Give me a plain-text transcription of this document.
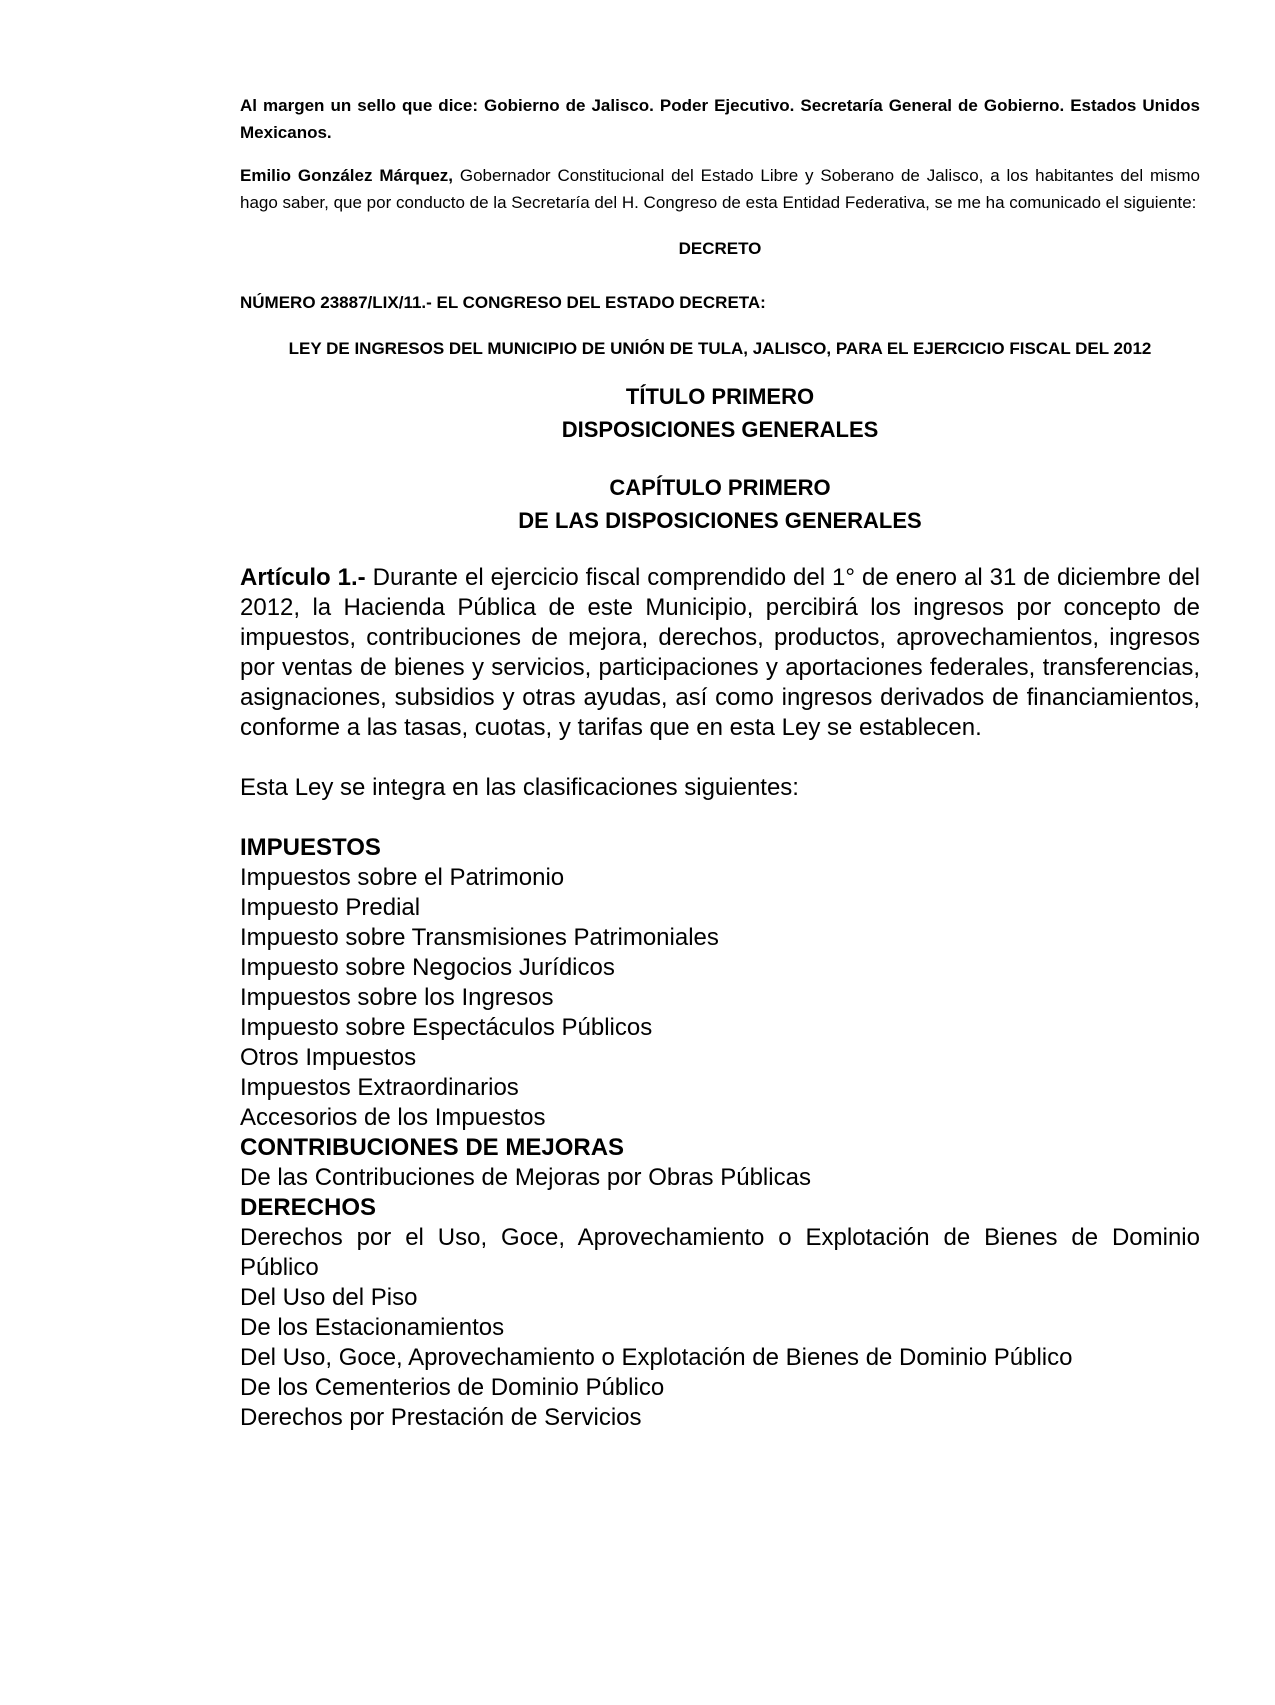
Al margen un sello que dice: Gobierno de Jalisco. Poder Ejecutivo. Secretaría General de Gobierno. Estados Unidos Mexicanos.

Emilio González Márquez, Gobernador Constitucional del Estado Libre y Soberano de Jalisco, a los habitantes del mismo hago saber, que por conducto de la Secretaría del H. Congreso de esta Entidad Federativa, se me ha comunicado el siguiente:

DECRETO
NÚMERO 23887/LIX/11.- EL CONGRESO DEL ESTADO DECRETA:
LEY DE INGRESOS DEL MUNICIPIO DE UNIÓN DE TULA, JALISCO, PARA EL EJERCICIO FISCAL DEL 2012
TÍTULO PRIMERO
DISPOSICIONES GENERALES
CAPÍTULO PRIMERO
DE LAS DISPOSICIONES GENERALES

Artículo 1.- Durante el ejercicio fiscal comprendido del 1° de enero al 31 de diciembre del 2012, la Hacienda Pública de este Municipio, percibirá los ingresos por concepto de impuestos, contribuciones de mejora, derechos, productos, aprovechamientos, ingresos por ventas de bienes y servicios, participaciones y aportaciones federales, transferencias, asignaciones, subsidios y otras ayudas, así como ingresos derivados de financiamientos, conforme a las tasas, cuotas, y tarifas que en esta Ley se establecen.

Esta Ley se integra en las clasificaciones siguientes:
IMPUESTOS
Impuestos sobre el Patrimonio
Impuesto Predial
Impuesto sobre Transmisiones Patrimoniales
Impuesto sobre Negocios Jurídicos
Impuestos sobre los Ingresos
Impuesto sobre Espectáculos Públicos
Otros Impuestos
Impuestos Extraordinarios
Accesorios de los Impuestos
CONTRIBUCIONES DE MEJORAS
De las Contribuciones de Mejoras por Obras Públicas
DERECHOS
Derechos por el Uso, Goce, Aprovechamiento o Explotación de Bienes de Dominio Público
Del Uso del Piso
De los Estacionamientos
Del Uso, Goce, Aprovechamiento o Explotación de Bienes de Dominio Público
De los Cementerios de Dominio Público
Derechos por Prestación de Servicios
